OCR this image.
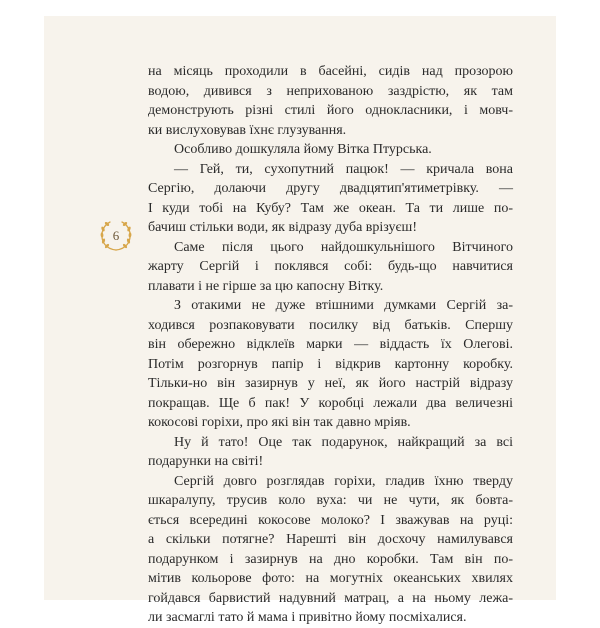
6
на місяць проходили в басейні, сидів над прозорою
водою, дивився з неприхованою заздрістю, як там
демонструють різні стилі його однокласники, і мовч-
ки вислуховував їхнє глузування.
Особливо дошкуляла йому Вітка Птурська.
— Гей, ти, сухопутний пацюк! — кричала вона
Сергію, долаючи другу двадцятип'ятиметрівку. —
І куди тобі на Кубу? Там же океан. Та ти лише по-
бачиш стільки води, як відразу дуба врізуєш!
Саме після цього найдошкульнішого Вітчиного
жарту Сергій і поклявся собі: будь-що навчитися
плавати і не гірше за цю капосну Вітку.
З отакими не дуже втішними думками Сергій за-
ходився розпаковувати посилку від батьків. Спершу
він обережно відклеїв марки — віддасть їх Олегові.
Потім розгорнув папір і відкрив картонну коробку.
Тільки-но він зазирнув у неї, як його настрій відразу
покращав. Ще б пак! У коробці лежали два величезні
кокосові горіхи, про які він так давно мріяв.
Ну й тато! Оце так подарунок, найкращий за всі
подарунки на світі!
Сергій довго розглядав горіхи, гладив їхню тверду
шкаралупу, трусив коло вуха: чи не чути, як бовта-
ється всередині кокосове молоко? І зважував на руці:
а скільки потягне? Нарешті він досхочу намилувався
подарунком і зазирнув на дно коробки. Там він по-
мітив кольорове фото: на могутніх океанських хвилях
гойдався барвистий надувний матрац, а на ньому лежа-
ли засмаглі тато й мама і привітно йому посміхалися.
